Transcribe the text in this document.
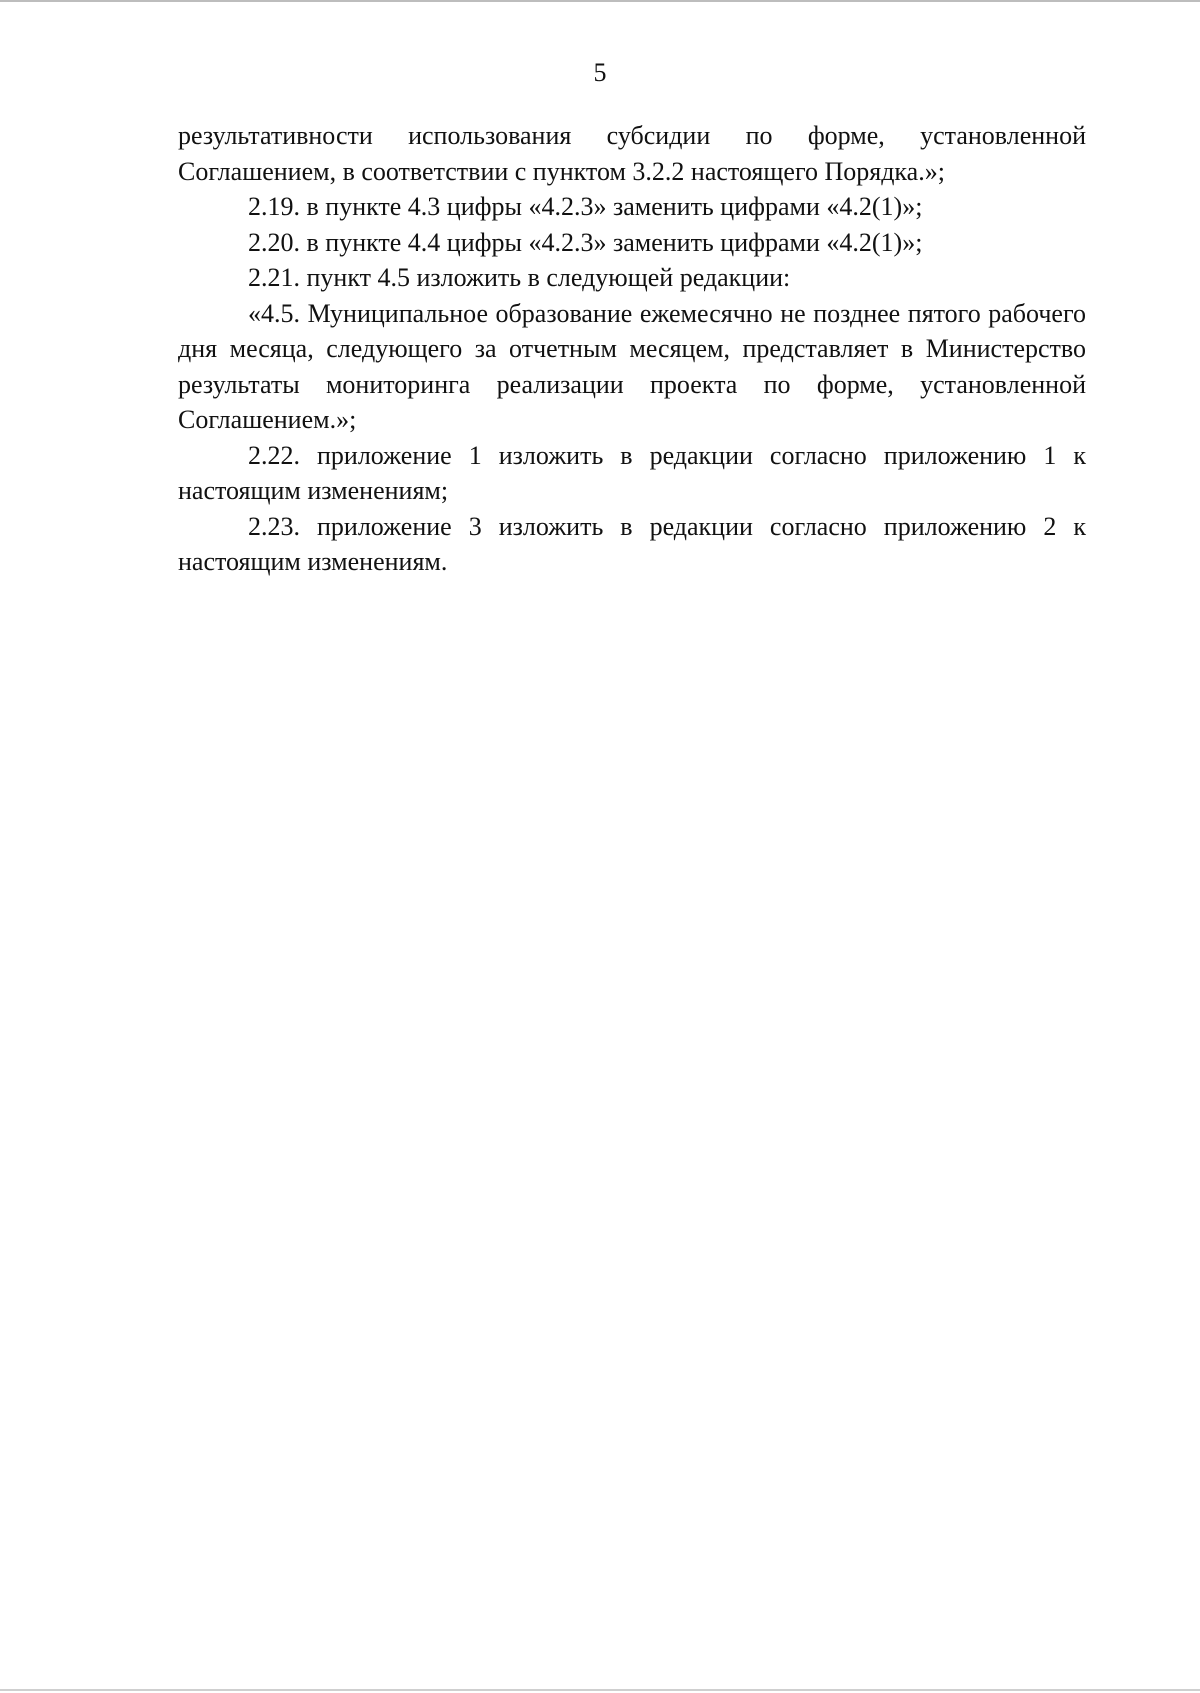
5

результативности использования субсидии по форме, установленной Соглашением, в соответствии с пунктом 3.2.2 настоящего Порядка.»;

2.19. в пункте 4.3 цифры «4.2.3» заменить цифрами «4.2(1)»;

2.20. в пункте 4.4 цифры «4.2.3» заменить цифрами «4.2(1)»;

2.21. пункт 4.5 изложить в следующей редакции:

«4.5. Муниципальное образование ежемесячно не позднее пятого рабочего дня месяца, следующего за отчетным месяцем, представляет в Министерство результаты мониторинга реализации проекта по форме, установленной Соглашением.»;

2.22. приложение 1 изложить в редакции согласно приложению 1 к настоящим изменениям;

2.23. приложение 3 изложить в редакции согласно приложению 2 к настоящим изменениям.
